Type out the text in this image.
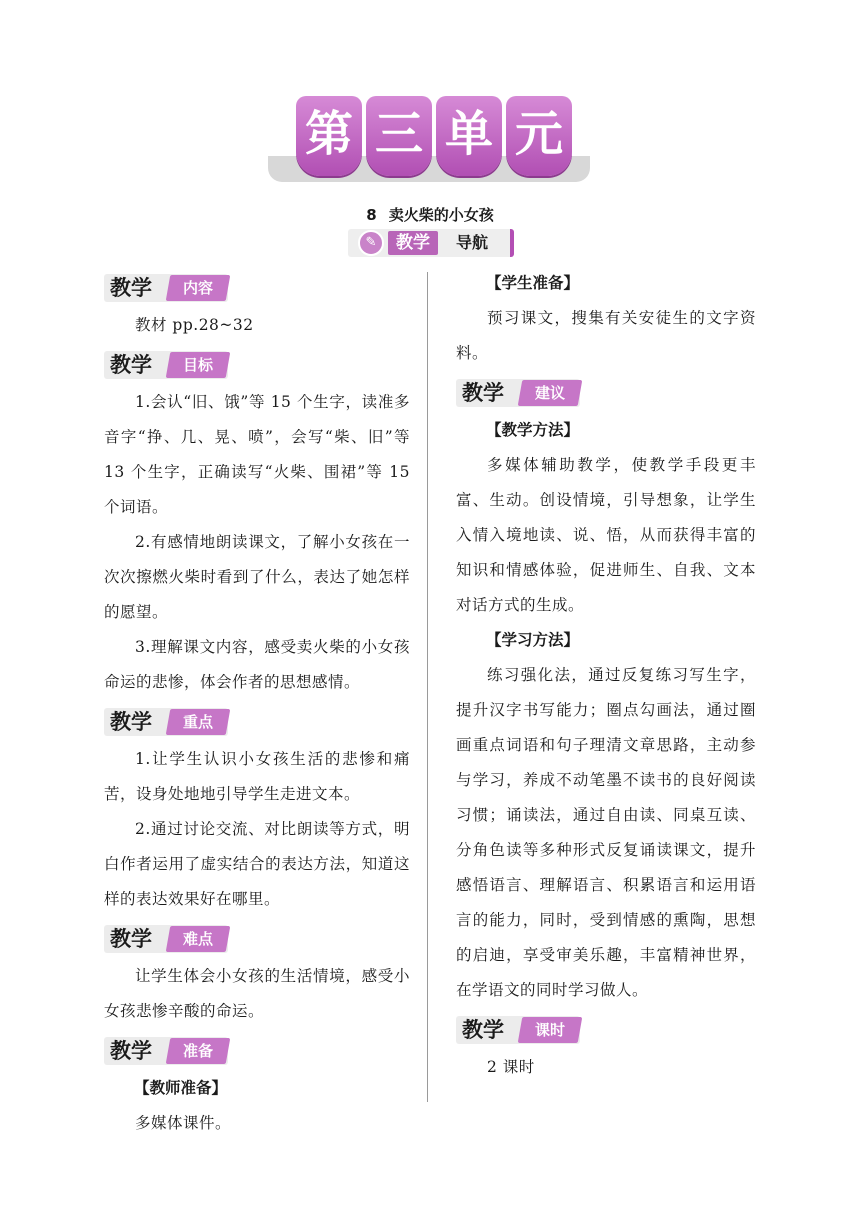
第 三 单 元
8 卖火柴的小女孩
✎	教学	导航
教学	内容

教材 pp.28~32

教学	目标

1.会认“旧、饿”等 15 个生字，读准多音字“挣、几、晃、喷”，会写“柴、旧”等 13 个生字，正确读写“火柴、围裙”等 15 个词语。

2.有感情地朗读课文，了解小女孩在一次次擦燃火柴时看到了什么，表达了她怎样的愿望。

3.理解课文内容，感受卖火柴的小女孩命运的悲惨，体会作者的思想感情。

教学	重点

1.让学生认识小女孩生活的悲惨和痛苦，设身处地地引导学生走进文本。

2.通过讨论交流、对比朗读等方式，明白作者运用了虚实结合的表达方法，知道这样的表达效果好在哪里。

教学	难点

让学生体会小女孩的生活情境，感受小女孩悲惨辛酸的命运。

教学	准备

【教师准备】

多媒体课件。

【学生准备】

预习课文，搜集有关安徒生的文字资料。

教学	建议

【教学方法】

多媒体辅助教学，使教学手段更丰富、生动。创设情境，引导想象，让学生入情入境地读、说、悟，从而获得丰富的知识和情感体验，促进师生、自我、文本对话方式的生成。

【学习方法】

练习强化法，通过反复练习写生字，提升汉字书写能力；圈点勾画法，通过圈画重点词语和句子理清文章思路，主动参与学习，养成不动笔墨不读书的良好阅读习惯；诵读法，通过自由读、同桌互读、分角色读等多种形式反复诵读课文，提升感悟语言、理解语言、积累语言和运用语言的能力，同时，受到情感的熏陶，思想的启迪，享受审美乐趣，丰富精神世界，在学语文的同时学习做人。

教学	课时

2 课时
